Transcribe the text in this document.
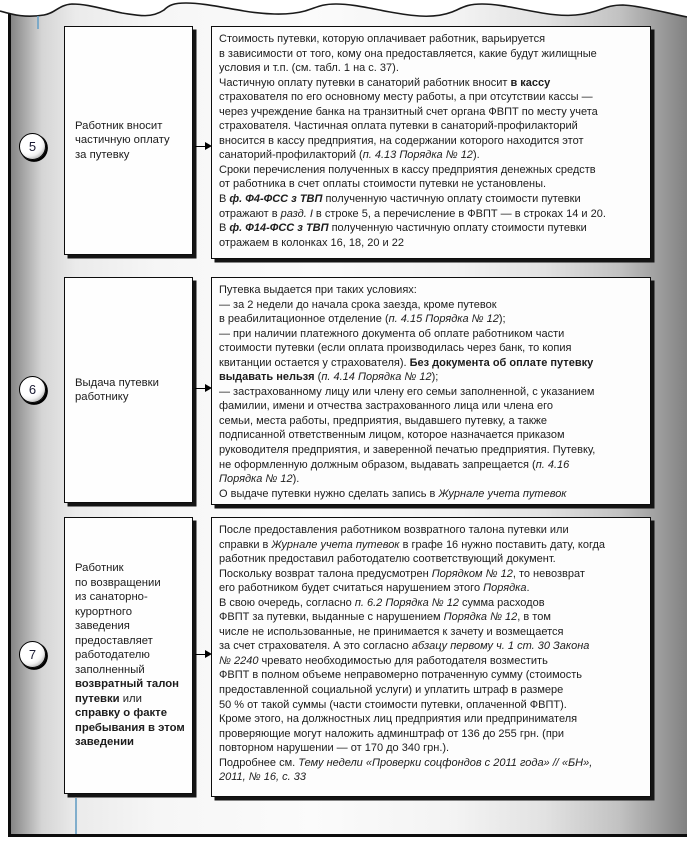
5
Работник вносит
частичную оплату
за путевку
Стоимость путевки, которую оплачивает работник, варьируется
в зависимости от того, кому она предоставляется, какие будут жилищные
условия и т.п. (см. табл. 1 на с. 37).
Частичную оплату путевки в санаторий работник вносит в кассу
страхователя по его основному месту работы, а при отсутствии кассы —
через учреждение банка на транзитный счет органа ФВПТ по месту учета
страхователя. Частичная оплата путевки в санаторий-профилакторий
вносится в кассу предприятия, на содержании которого находится этот
санаторий-профилакторий (п. 4.13 Порядка № 12).
Сроки перечисления полученных в кассу предприятия денежных средств
от работника в счет оплаты стоимости путевки не установлены.
В ф. Ф4-ФСС з ТВП полученную частичную оплату стоимости путевки
отражают в разд. I в строке 5, а перечисление в ФВПТ — в строках 14 и 20.
В ф. Ф14-ФСС з ТВП полученную частичную оплату стоимости путевки
отражаем в колонках 16, 18, 20 и 22
6	Выдача путевки
работнику
Путевка выдается при таких условиях:
— за 2 недели до начала срока заезда, кроме путевок
в реабилитационное отделение (п. 4.15 Порядка № 12);
— при наличии платежного документа об оплате работником части
стоимости путевки (если оплата производилась через банк, то копия
квитанции остается у страхователя). Без документа об оплате путевку
выдавать нельзя (п. 4.14 Порядка № 12);
— застрахованному лицу или члену его семьи заполненной, с указанием
фамилии, имени и отчества застрахованного лица или члена его
семьи, места работы, предприятия, выдавшего путевку, а также
подписанной ответственным лицом, которое назначается приказом
руководителя предприятия, и заверенной печатью предприятия. Путевку,
не оформленную должным образом, выдавать запрещается (п. 4.16
Порядка № 12).
О выдаче путевки нужно сделать запись в Журнале учета путевок
7
Работник
по возвращении
из санаторно-
курортного
заведения
предоставляет
работодателю
заполненный
возвратный талон
путевки или
справку о факте
пребывания в этом
заведении
После предоставления работником возвратного талона путевки или
справки в Журнале учета путевок в графе 16 нужно поставить дату, когда
работник предоставил работодателю соответствующий документ.
Поскольку возврат талона предусмотрен Порядком № 12, то невозврат
его работником будет считаться нарушением этого Порядка.
В свою очередь, согласно п. 6.2 Порядка № 12 сумма расходов
ФВПТ за путевки, выданные с нарушением Порядка № 12, в том
числе не использованные, не принимается к зачету и возмещается
за счет страхователя. А это согласно абзацу первому ч. 1 ст. 30 Закона
№ 2240 чревато необходимостью для работодателя возместить
ФВПТ в полном объеме неправомерно потраченную сумму (стоимость
предоставленной социальной услуги) и уплатить штраф в размере
50 % от такой суммы (части стоимости путевки, оплаченной ФВПТ).
Кроме этого, на должностных лиц предприятия или предпринимателя
проверяющие могут наложить админштраф от 136 до 255 грн. (при
повторном нарушении — от 170 до 340 грн.).
Подробнее см. Тему недели «Проверки соцфондов с 2011 года» // «БН»,
2011, № 16, с. 33
